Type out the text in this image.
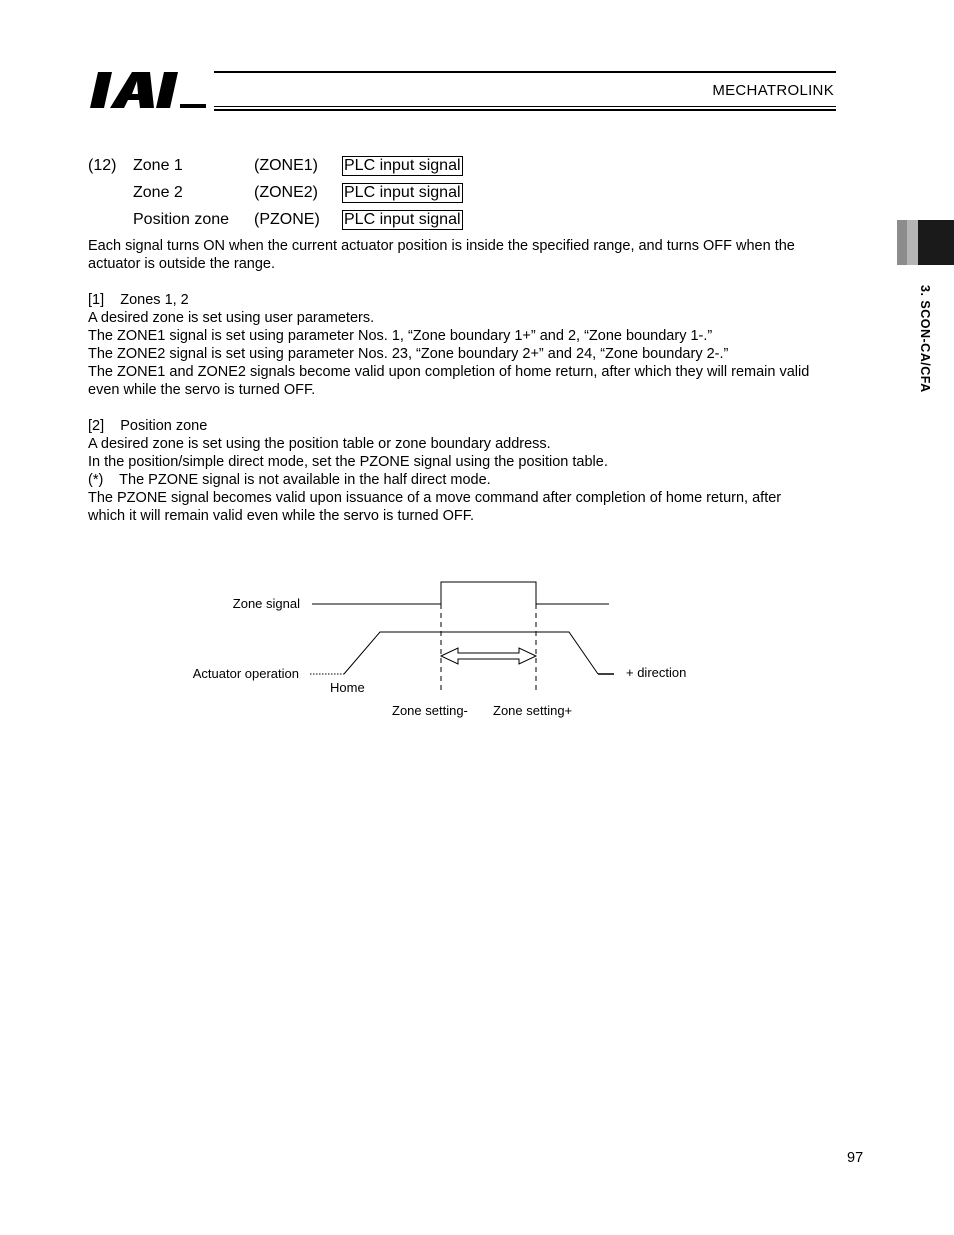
MECHATROLINK
3. SCON-CA/CFA
(12) Zone 1	(ZONE1) PLC input signal
Zone 2	(ZONE2) PLC input signal
Position zone (PZONE) PLC input signal

Each signal turns ON when the current actuator position is inside the specified range, and turns OFF when the

actuator is outside the range.

[1]    Zones 1, 2

A desired zone is set using user parameters.

The ZONE1 signal is set using parameter Nos. 1, “Zone boundary 1+” and 2, “Zone boundary 1-.”

The ZONE2 signal is set using parameter Nos. 23, “Zone boundary 2+” and 24, “Zone boundary 2-.”

The ZONE1 and ZONE2 signals become valid upon completion of home return, after which they will remain valid

even while the servo is turned OFF.

[2]    Position zone

A desired zone is set using the position table or zone boundary address.

In the position/simple direct mode, set the PZONE signal using the position table.

(*)    The PZONE signal is not available in the half direct mode.

The PZONE signal becomes valid upon issuance of a move command after completion of home return, after

which it will remain valid even while the servo is turned OFF.

Zone signal
Actuator operation
Home
+ direction
Zone setting- Zone setting+
97
